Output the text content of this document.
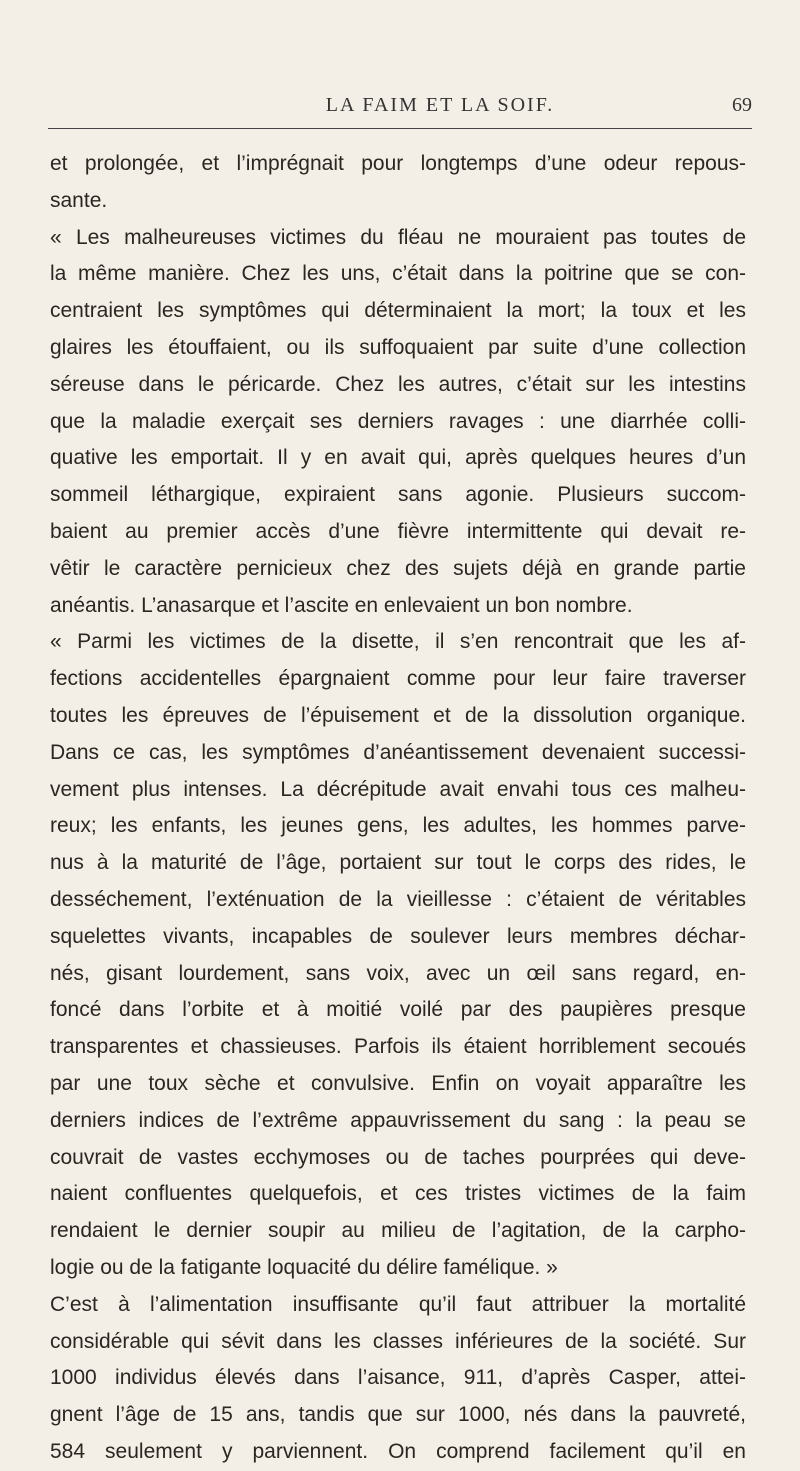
LA FAIM ET LA SOIF.	69
et prolongée, et l’imprégnait pour longtemps d’une odeur repous-
sante.
« Les malheureuses victimes du fléau ne mouraient pas toutes de
la même manière. Chez les uns, c’était dans la poitrine que se con-
centraient les symptômes qui déterminaient la mort; la toux et les
glaires les étouffaient, ou ils suffoquaient par suite d’une collection
séreuse dans le péricarde. Chez les autres, c’était sur les intestins
que la maladie exerçait ses derniers ravages : une diarrhée colli-
quative les emportait. Il y en avait qui, après quelques heures d’un
sommeil léthargique, expiraient sans agonie. Plusieurs succom-
baient au premier accès d’une fièvre intermittente qui devait re-
vêtir le caractère pernicieux chez des sujets déjà en grande partie
anéantis. L’anasarque et l’ascite en enlevaient un bon nombre.
« Parmi les victimes de la disette, il s’en rencontrait que les af-
fections accidentelles épargnaient comme pour leur faire traverser
toutes les épreuves de l’épuisement et de la dissolution organique.
Dans ce cas, les symptômes d’anéantissement devenaient successi-
vement plus intenses. La décrépitude avait envahi tous ces malheu-
reux; les enfants, les jeunes gens, les adultes, les hommes parve-
nus à la maturité de l’âge, portaient sur tout le corps des rides, le
desséchement, l’exténuation de la vieillesse : c’étaient de véritables
squelettes vivants, incapables de soulever leurs membres déchar-
nés, gisant lourdement, sans voix, avec un œil sans regard, en-
foncé dans l’orbite et à moitié voilé par des paupières presque
transparentes et chassieuses. Parfois ils étaient horriblement secoués
par une toux sèche et convulsive. Enfin on voyait apparaître les
derniers indices de l’extrême appauvrissement du sang : la peau se
couvrait de vastes ecchymoses ou de taches pourprées qui deve-
naient confluentes quelquefois, et ces tristes victimes de la faim
rendaient le dernier soupir au milieu de l’agitation, de la carpho-
logie ou de la fatigante loquacité du délire famélique. »
C’est à l’alimentation insuffisante qu’il faut attribuer la mortalité
considérable qui sévit dans les classes inférieures de la société. Sur
1000 individus élevés dans l’aisance, 911, d’après Casper, attei-
gnent l’âge de 15 ans, tandis que sur 1000, nés dans la pauvreté,
584 seulement y parviennent. On comprend facilement qu’il en
